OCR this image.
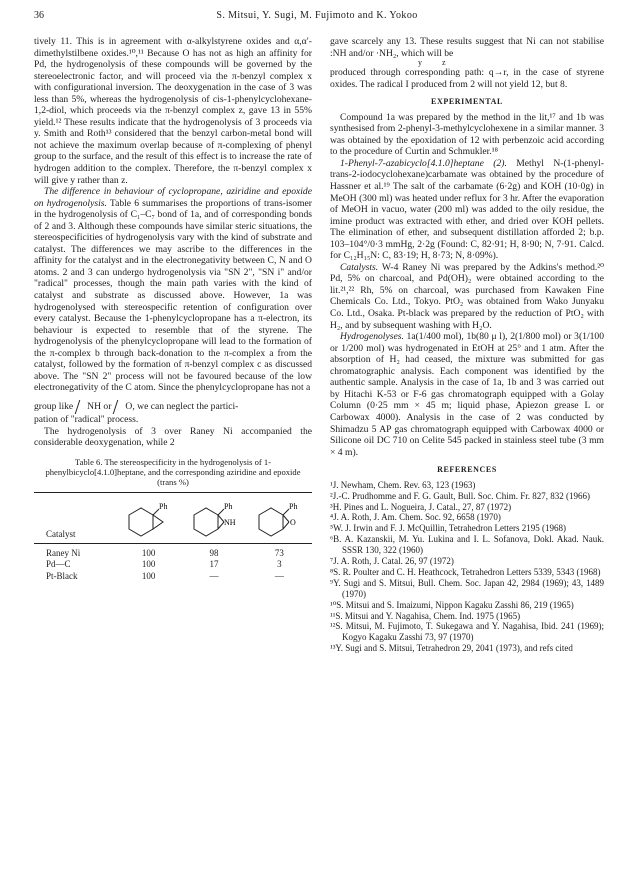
36	S. Mitsui, Y. Sugi, M. Fujimoto and K. Yokoo

tively 11. This is in agreement with α-alkylstyrene oxides and α,α′-dimethylstilbene oxides.¹⁰,¹¹ Because O has not as high an affinity for Pd, the hydrogenolysis of these compounds will be governed by the stereoelectronic factor, and will proceed via the π-benzyl complex x with configurational inversion. The deoxygenation in the case of 3 was less than 5%, whereas the hydrogenolysis of cis-1-phenylcyclohexane-1,2-diol, which proceeds via the π-benzyl complex z, gave 13 in 55% yield.¹² These results indicate that the hydrogenolysis of 3 proceeds via y. Smith and Roth¹³ considered that the benzyl carbon-metal bond will not achieve the maximum overlap because of π-complexing of phenyl group to the surface, and the result of this effect is to increase the rate of hydrogen addition to the complex. Therefore, the π-benzyl complex x will give y rather than z.

The difference in behaviour of cyclopropane, aziridine and epoxide on hydrogenolysis. Table 6 summarises the proportions of trans-isomer in the hydrogenolysis of C₁–C₇ bond of 1a, and of corresponding bonds of 2 and 3. Although these compounds have similar steric situations, the stereospecificities of hydrogenolysis vary with the kind of substrate and catalyst. The differences we may ascribe to the differences in the affinity for the catalyst and in the electronegativity between C, N and O atoms. 2 and 3 can undergo hydrogenolysis via "SN 2", "SN i" and/or "radical" processes, though the main path varies with the kind of catalyst and substrate as discussed above. However, 1a was hydrogenolysed with stereospecific retention of configuration over every catalyst. Because the 1-phenylcyclopropane has a π-electron, its behaviour is expected to resemble that of the styrene. The hydrogenolysis of the phenylcyclopropane will lead to the formation of the π-complex b through back-donation to the π-complex a from the catalyst, followed by the formation of π-benzyl complex c as discussed above. The "SN 2" process will not be favoured because of the low electronegativity of the C atom. Since the phenylcyclopropane has not a

group like NH or O, we can neglect the partici-

pation of "radical" process.

The hydrogenolysis of 3 over Raney Ni accompanied the considerable deoxygenation, while 2

Table 6. The stereospecificity in the hydrogenolysis of 1-phenylbicyclo[4.1.0]heptane, and the corresponding aziridine and epoxide (trans %)
Catalyst	Ph	Ph
NH	Ph
O

Raney Ni	100	98	73
Pd—C	100	17	3
Pt-Black	100	—	—

gave scarcely any 13. These results suggest that Ni can not stabilise :NH and/or ·NH₂, which will be

y          z

produced through corresponding path: q→r, in the case of styrene oxides. The radical I produced from 2 will not yield 12, but 8.

EXPERIMENTAL

Compound 1a was prepared by the method in the lit,¹⁷ and 1b was synthesised from 2-phenyl-3-methylcyclohexene in a similar manner. 3 was obtained by the epoxidation of 12 with perbenzoic acid according to the procedure of Curtin and Schmukler.¹⁸

1-Phenyl-7-azabicyclo[4.1.0]heptane (2). Methyl N-(1-phenyl-trans-2-iodocyclohexane)carbamate was obtained by the procedure of Hassner et al.¹⁹ The salt of the carbamate (6·2g) and KOH (10·0g) in MeOH (300 ml) was heated under reflux for 3 hr. After the evaporation of MeOH in vacuo, water (200 ml) was added to the oily residue, the imine product was extracted with ether, and dried over KOH pellets. The elimination of ether, and subsequent distillation afforded 2; b.p. 103–104°/0·3 mmHg, 2·2g (Found: C, 82·91; H, 8·90; N, 7·91. Calcd. for C₁₂H₁₅N: C, 83·19; H, 8·73; N, 8·09%).

Catalysts. W-4 Raney Ni was prepared by the Adkins's method.²⁰ Pd, 5% on charcoal, and Pd(OH)₂ were obtained according to the lit.²¹,²² Rh, 5% on charcoal, was purchased from Kawaken Fine Chemicals Co. Ltd., Tokyo. PtO₂ was obtained from Wako Junyaku Co. Ltd., Osaka. Pt-black was prepared by the reduction of PtO₂ with H₂, and by subsequent washing with H₂O.

Hydrogenolyses. 1a(1/400 mol), 1b(80 μ l), 2(1/800 mol) or 3(1/100 or 1/200 mol) was hydrogenated in EtOH at 25° and 1 atm. After the absorption of H₂ had ceased, the mixture was submitted for gas chromatographic analysis. Each component was identified by the authentic sample. Analysis in the case of 1a, 1b and 3 was carried out by Hitachi K-53 or F-6 gas chromatograph equipped with a Golay Column (0·25 mm × 45 m; liquid phase, Apiezon grease L or Carbowax 4000). Analysis in the case of 2 was conducted by Shimadzu 5 AP gas chromatograph equipped with Carbowax 4000 or Silicone oil DC 710 on Celite 545 packed in stainless steel tube (3 mm × 4 m).

REFERENCES
¹J. Newham, Chem. Rev. 63, 123 (1963)
²J.-C. Prudhomme and F. G. Gault, Bull. Soc. Chim. Fr. 827, 832 (1966)
³H. Pines and L. Nogueira, J. Catal., 27, 87 (1972)
⁴J. A. Roth, J. Am. Chem. Soc. 92, 6658 (1970)
⁵W. J. Irwin and F. J. McQuillin, Tetrahedron Letters 2195 (1968)
⁶B. A. Kazanskii, M. Yu. Lukina and I. L. Sofanova, Dokl. Akad. Nauk. SSSR 130, 322 (1960)
⁷J. A. Roth, J. Catal. 26, 97 (1972)
⁸S. R. Poulter and C. H. Heathcock, Tetrahedron Letters 5339, 5343 (1968)
⁹Y. Sugi and S. Mitsui, Bull. Chem. Soc. Japan 42, 2984 (1969); 43, 1489 (1970)
¹⁰S. Mitsui and S. Imaizumi, Nippon Kagaku Zasshi 86, 219 (1965)
¹¹S. Mitsui and Y. Nagahisa, Chem. Ind. 1975 (1965)
¹²S. Mitsui, M. Fujimoto, T. Sukegawa and Y. Nagahisa, Ibid. 241 (1969); Kogyo Kagaku Zasshi 73, 97 (1970)
¹³Y. Sugi and S. Mitsui, Tetrahedron 29, 2041 (1973), and refs cited
